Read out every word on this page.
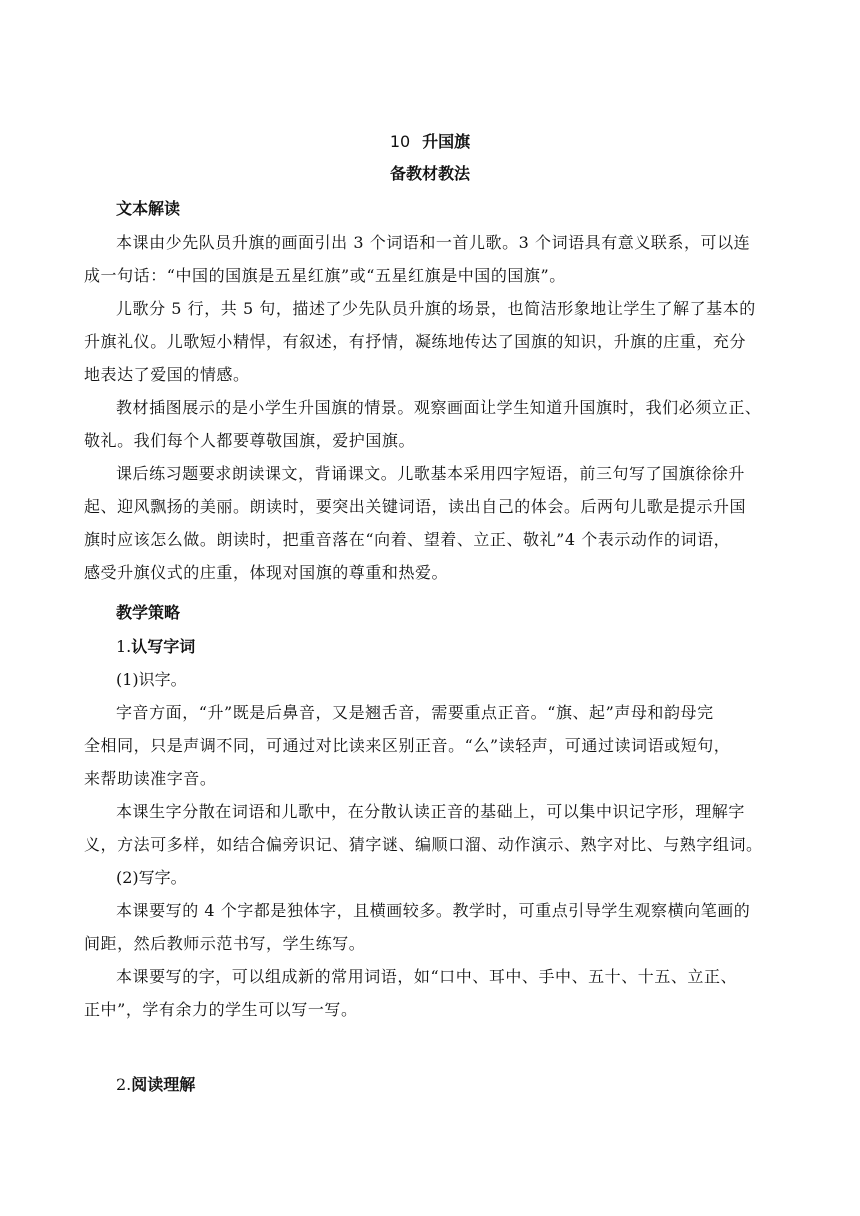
10 升国旗
备教材教法
文本解读
本课由少先队员升旗的画面引出 3 个词语和一首儿歌。3 个词语具有意义联系，可以连
成一句话：“中国的国旗是五星红旗”或“五星红旗是中国的国旗”。
儿歌分 5 行，共 5 句，描述了少先队员升旗的场景，也简洁形象地让学生了解了基本的
升旗礼仪。儿歌短小精悍，有叙述，有抒情，凝练地传达了国旗的知识，升旗的庄重，充分
地表达了爱国的情感。
教材插图展示的是小学生升国旗的情景。观察画面让学生知道升国旗时，我们必须立正、
敬礼。我们每个人都要尊敬国旗，爱护国旗。
课后练习题要求朗读课文，背诵课文。儿歌基本采用四字短语，前三句写了国旗徐徐升
起、迎风飘扬的美丽。朗读时，要突出关键词语，读出自己的体会。后两句儿歌是提示升国
旗时应该怎么做。朗读时，把重音落在“向着、望着、立正、敬礼”4 个表示动作的词语，
感受升旗仪式的庄重，体现对国旗的尊重和热爱。
教学策略
1.认写字词
(1)识字。
字音方面，“升”既是后鼻音，又是翘舌音，需要重点正音。“旗、起”声母和韵母完
全相同，只是声调不同，可通过对比读来区别正音。“么”读轻声，可通过读词语或短句，
来帮助读准字音。
本课生字分散在词语和儿歌中，在分散认读正音的基础上，可以集中识记字形，理解字
义，方法可多样，如结合偏旁识记、猜字谜、编顺口溜、动作演示、熟字对比、与熟字组词。
(2)写字。
本课要写的 4 个字都是独体字，且横画较多。教学时，可重点引导学生观察横向笔画的
间距，然后教师示范书写，学生练写。
本课要写的字，可以组成新的常用词语，如“口中、耳中、手中、五十、十五、立正、
正中”，学有余力的学生可以写一写。
2.阅读理解
